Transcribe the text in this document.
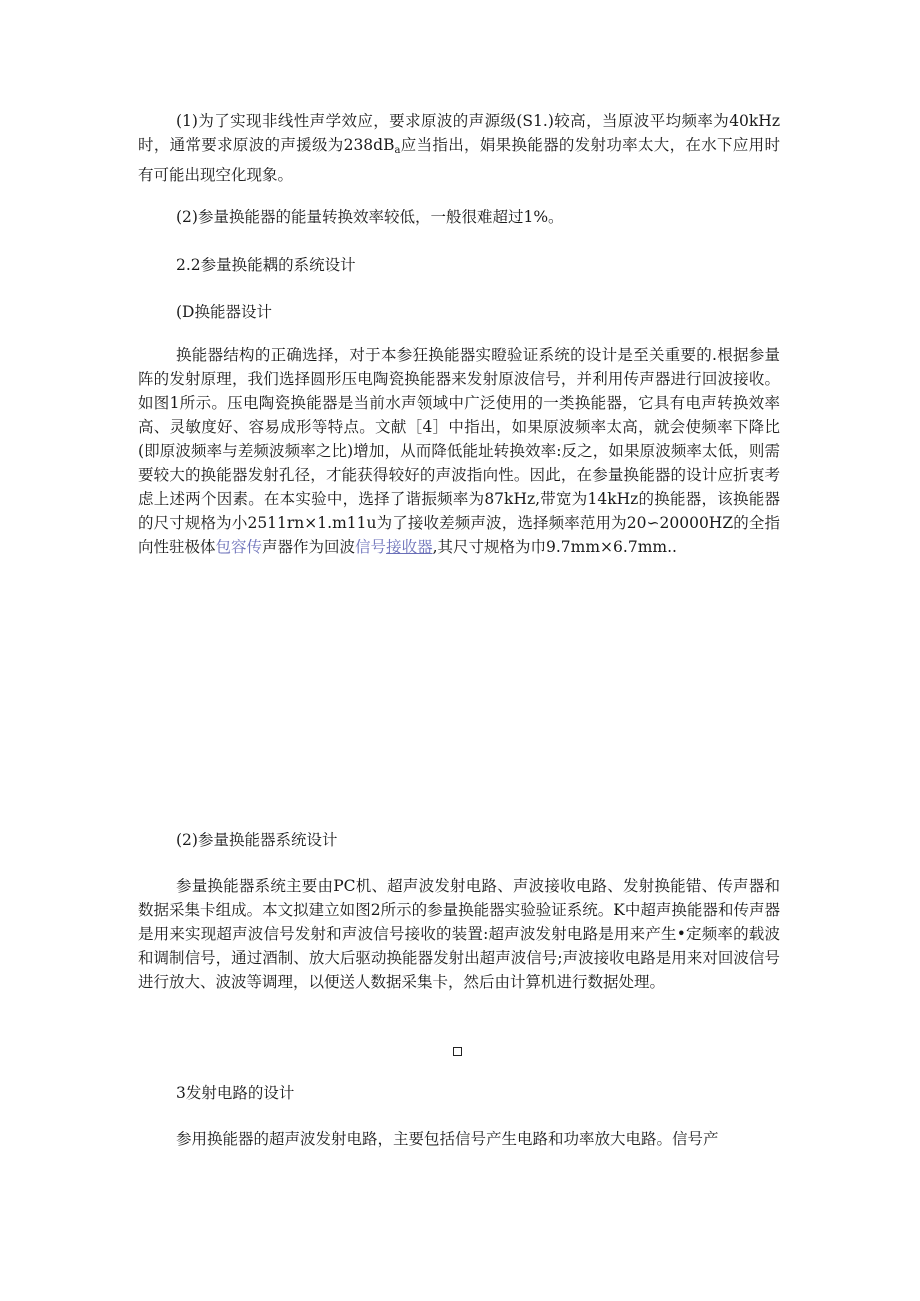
(1)为了实现非线性声学效应，要求原波的声源级(S1.)较高，当原波平均频率为40kHz时，通常要求原波的声援级为$238dB_a$应当指出，娟果换能器的发射功率太大，在水下应用时有可能出现空化现象。

(2)参量换能器的能量转换效率较低，一般很难超过1%。

2.2参量换能耦的系统设计

(D换能器设计

换能器结构的正确选择，对于本参狂换能器实瞪验证系统的设计是至关重要的.根据参量阵的发射原理，我们选择圆形压电陶瓷换能器来发射原波信号，并利用传声器进行回波接收。如图1所示。压电陶瓷换能器是当前水声领域中广泛使用的一类换能器，它具有电声转换效率高、灵敏度好、容易成形等特点。文献［4］中指出，如果原波频率太高，就会使频率下降比(即原波频率与差频波频率之比)增加，从而降低能址转换效率:反之，如果原波频率太低，则需要较大的换能器发射孔径，才能获得较好的声波指向性。因此，在参量换能器的设计应折衷考虑上述两个因素。在本实验中，选择了谐振频率为87kHz,带宽为14kHz的换能器，该换能器的尺寸规格为小2511rn×1.m11u为了接收差频声波，选择频率范用为20∽20000HZ的全指向性驻极体包容传声器作为回波信号接收器,其尺寸规格为巾9.7mm×6.7mm..

(2)参量换能器系统设计

参量换能器系统主要由PC机、超声波发射电路、声波接收电路、发射换能错、传声器和数据采集卡组成。本文拟建立如图2所示的参量换能器实验验证系统。K中超声换能器和传声器是用来实现超声波信号发射和声波信号接收的装置:超声波发射电路是用来产生•定频率的载波和调制信号，通过酒制、放大后驱动换能器发射出超声波信号;声波接收电路是用来对回波信号进行放大、波波等调理，以便送人数据采集卡，然后由计算机进行数据处理。

3发射电路的设计

参用换能器的超声波发射电路，主要包括信号产生电路和功率放大电路。信号产
